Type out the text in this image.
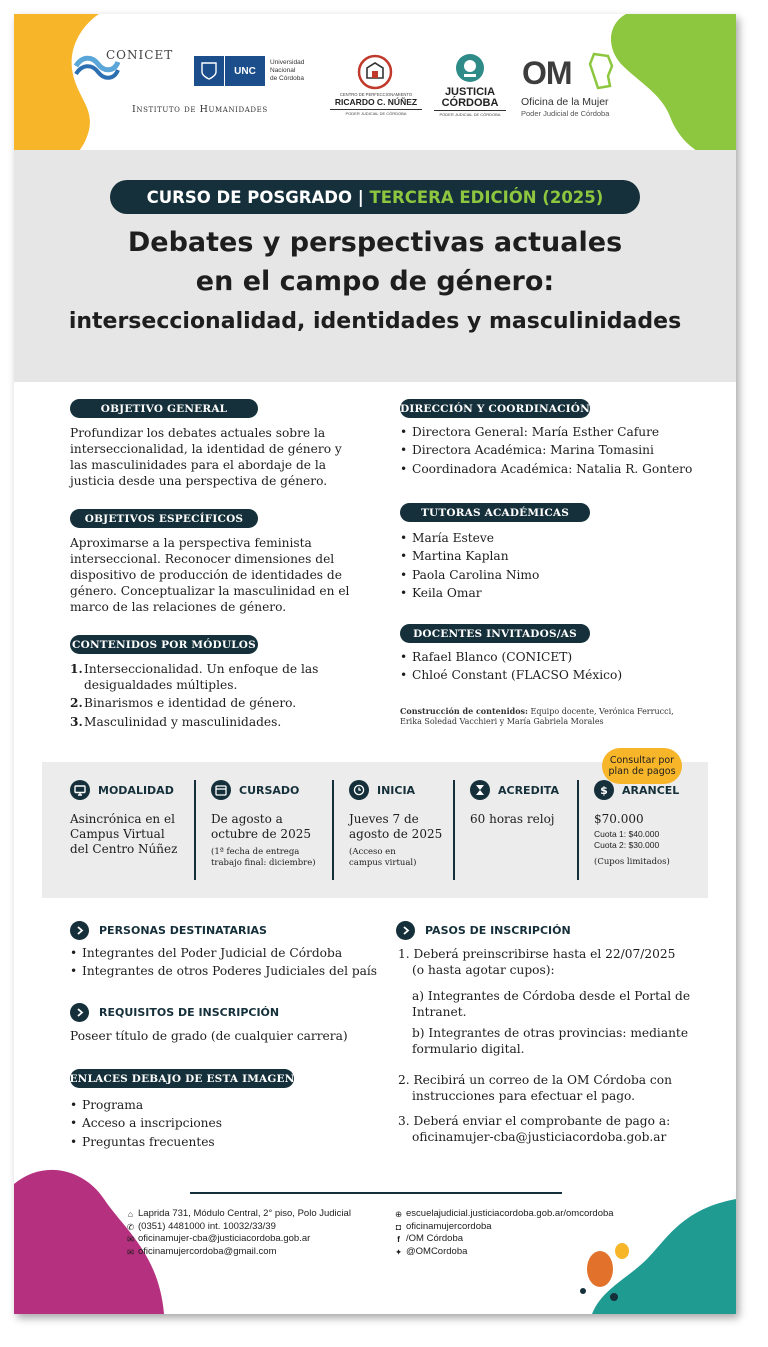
CONICET
Instituto de Humanidades
UNC
Universidad
Nacional
de Córdoba
CENTRO DE PERFECCIONAMIENTO
RICARDO C. NÚÑEZ
PODER JUDICIAL DE CÓRDOBA
JUSTICIA
CÓRDOBA
PODER JUDICIAL DE CÓRDOBA
OM
Oficina de la Mujer
Poder Judicial de Córdoba
CURSO DE POSGRADO |
TERCERA EDICIÓN (2025)
Debates y perspectivas actuales
en el campo de género:
interseccionalidad, identidades y masculinidades
OBJETIVO GENERAL
Profundizar los debates actuales sobre la
interseccionalidad, la identidad de género y
las masculinidades para el abordaje de la
justicia desde una perspectiva de género.
OBJETIVOS ESPECÍFICOS
Aproximarse a la perspectiva feminista
interseccional. Reconocer dimensiones del
dispositivo de producción de identidades de
género. Conceptualizar la masculinidad en el
marco de las relaciones de género.
CONTENIDOS POR MÓDULOS
1. Interseccionalidad. Un enfoque de las
desigualdades múltiples.
2. Binarismos e identidad de género.
3. Masculinidad y masculinidades.
DIRECCIÓN Y COORDINACIÓN
• Directora General: María Esther Cafure
• Directora Académica: Marina Tomasini
• Coordinadora Académica: Natalia R. Gontero
TUTORAS ACADÉMICAS
• María Esteve
• Martina Kaplan
• Paola Carolina Nimo
• Keila Omar
DOCENTES INVITADOS/AS
• Rafael Blanco (CONICET)
• Chloé Constant (FLACSO México)
Construcción de contenidos: Equipo docente, Verónica Ferrucci,
Erika Soledad Vacchieri y María Gabriela Morales
Consultar por
plan de pagos
MODALIDAD
Asincrónica en el
Campus Virtual
del Centro Núñez
CURSADO
De agosto a
octubre de 2025
(1ª fecha de entrega
trabajo final: diciembre)
INICIA
Jueves 7 de
agosto de 2025
(Acceso en
campus virtual)
ACREDITA
60 horas reloj
$	ARANCEL
$70.000
Cuota 1: $40.000
Cuota 2: $30.000
(Cupos limitados)
PERSONAS DESTINATARIAS
• Integrantes del Poder Judicial de Córdoba
• Integrantes de otros Poderes Judiciales del país
REQUISITOS DE INSCRIPCIÓN
Poseer título de grado (de cualquier carrera)
ENLACES DEBAJO DE ESTA IMAGEN
• Programa
• Acceso a inscripciones
• Preguntas frecuentes
PASOS DE INSCRIPCIÓN
1. Deberá preinscribirse hasta el 22/07/2025
(o hasta agotar cupos):
a) Integrantes de Córdoba desde el Portal de
Intranet.
b) Integrantes de otras provincias: mediante
formulario digital.
2. Recibirá un correo de la OM Córdoba con
instrucciones para efectuar el pago.
3. Deberá enviar el comprobante de pago a:
oficinamujer-cba@justiciacordoba.gob.ar
⌂ Laprida 731, Módulo Central, 2° piso, Polo Judicial
✆ (0351) 4481000 int. 10032/33/39
✉ oficinamujer-cba@justiciacordoba.gob.ar
✉ oficinamujercordoba@gmail.com
⊕ escuelajudicial.justiciacordoba.gob.ar/omcordoba
◘ oficinamujercordoba
f /OM Córdoba
✦ @OMCordoba
